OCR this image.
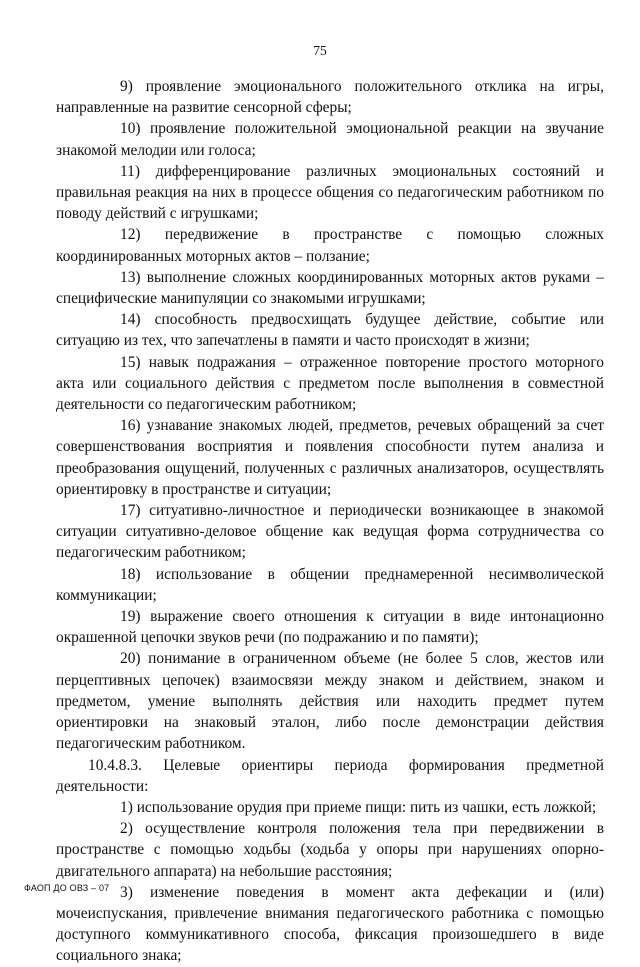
75

9) проявление эмоционального положительного отклика на игры, направленные на развитие сенсорной сферы;

10) проявление положительной эмоциональной реакции на звучание знакомой мелодии или голоса;

11) дифференцирование различных эмоциональных состояний и правильная реакция на них в процессе общения со педагогическим работником по поводу действий с игрушками;

12) передвижение в пространстве с помощью сложных координированных моторных актов – ползание;

13) выполнение сложных координированных моторных актов руками – специфические манипуляции со знакомыми игрушками;

14) способность предвосхищать будущее действие, событие или ситуацию из тех, что запечатлены в памяти и часто происходят в жизни;

15) навык подражания – отраженное повторение простого моторного акта или социального действия с предметом после выполнения в совместной деятельности со педагогическим работником;

16) узнавание знакомых людей, предметов, речевых обращений за счет совершенствования восприятия и появления способности путем анализа и преобразования ощущений, полученных с различных анализаторов, осуществлять ориентировку в пространстве и ситуации;

17) ситуативно-личностное и периодически возникающее в знакомой ситуации ситуативно-деловое общение как ведущая форма сотрудничества со педагогическим работником;

18) использование в общении преднамеренной несимволической коммуникации;

19) выражение своего отношения к ситуации в виде интонационно окрашенной цепочки звуков речи (по подражанию и по памяти);

20) понимание в ограниченном объеме (не более 5 слов, жестов или перцептивных цепочек) взаимосвязи между знаком и действием, знаком и предметом, умение выполнять действия или находить предмет путем ориентировки на знаковый эталон, либо после демонстрации действия педагогическим работником.

10.4.8.3. Целевые ориентиры периода формирования предметной деятельности:

1) использование орудия при приеме пищи: пить из чашки, есть ложкой;

2) осуществление контроля положения тела при передвижении в пространстве с помощью ходьбы (ходьба у опоры при нарушениях опорно-двигательного аппарата) на небольшие расстояния;

3) изменение поведения в момент акта дефекации и (или) мочеиспускания, привлечение внимания педагогического работника с помощью доступного коммуникативного способа, фиксация произошедшего в виде социального знака;

ФАОП ДО ОВЗ – 07
